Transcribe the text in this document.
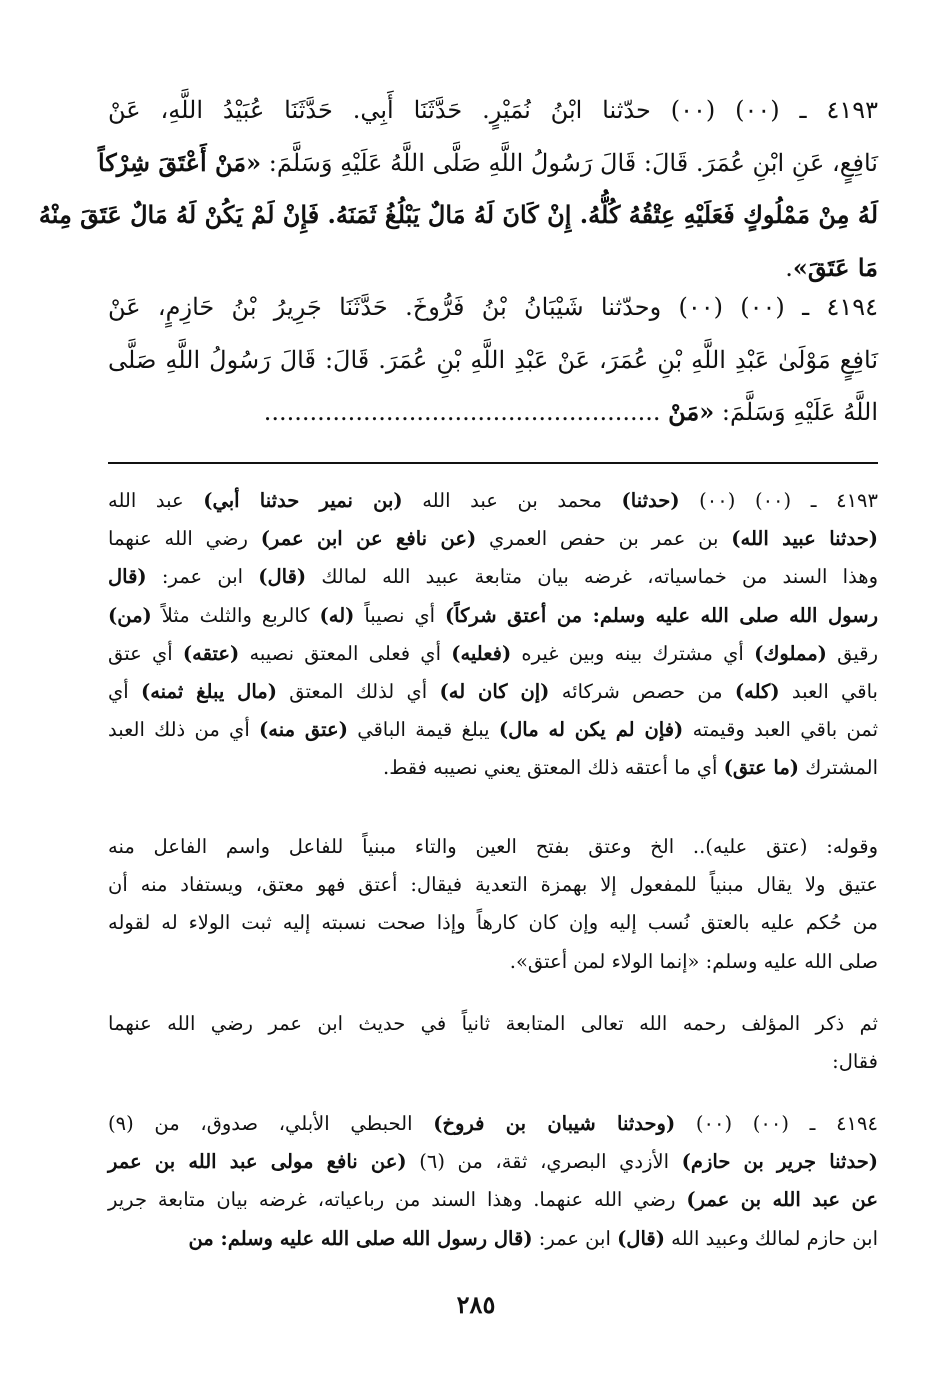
٤١٩٣ ـ (٠٠) (٠٠) حدّثنا ابْنُ نُمَيْرٍ. حَدَّثَنَا أَبِي. حَدَّثَنَا عُبَيْدُ اللَّهِ، عَنْ
نَافِعٍ، عَنِ ابْنِ عُمَرَ. قَالَ: قَالَ رَسُولُ اللَّهِ صَلَّى اللَّهُ عَلَيْهِ وَسَلَّمَ: «مَنْ أَعْتَقَ شِرْكاً
لَهُ مِنْ مَمْلُوكٍ فَعَلَيْهِ عِتْقُهُ كُلُّهُ. إِنْ كَانَ لَهُ مَالٌ يَبْلُغُ ثَمَنَهُ. فَإِنْ لَمْ يَكُنْ لَهُ مَالٌ عَتَقَ مِنْهُ
مَا عَتَقَ».
٤١٩٤ ـ (٠٠) (٠٠) وحدّثنا شَيْبَانُ بْنُ فَرُّوخَ. حَدَّثَنَا جَرِيرُ بْنُ حَازِمٍ، عَنْ
نَافِعٍ مَوْلَىٰ عَبْدِ اللَّهِ بْنِ عُمَرَ، عَنْ عَبْدِ اللَّهِ بْنِ عُمَرَ. قَالَ: قَالَ رَسُولُ اللَّهِ صَلَّى
اللَّهُ عَلَيْهِ وَسَلَّمَ: «مَنْ ....................................................
٤١٩٣ ـ (٠٠) (٠٠) (حدثنا) محمد بن عبد الله (بن نمير حدثنا أبي) عبد الله
(حدثنا عبيد الله) بن عمر بن حفص العمري (عن نافع عن ابن عمر) رضي الله عنهما
وهذا السند من خماسياته، غرضه بيان متابعة عبيد الله لمالك (قال) ابن عمر: (قال
رسول الله صلى الله عليه وسلم: من أعتق شركاً) أي نصيباً (له) كالربع والثلث مثلاً (من)
رقيق (مملوك) أي مشترك بينه وبين غيره (فعليه) أي فعلى المعتق نصيبه (عتقه) أي عتق
باقي العبد (كله) من حصص شركائه (إن كان له) أي لذلك المعتق (مال يبلغ ثمنه) أي
ثمن باقي العبد وقيمته (فإن لم يكن له مال) يبلغ قيمة الباقي (عتق منه) أي من ذلك العبد
المشترك (ما عتق) أي ما أعتقه ذلك المعتق يعني نصيبه فقط.
وقوله: (عتق عليه).. الخ وعتق بفتح العين والتاء مبنياً للفاعل واسم الفاعل منه
عتيق ولا يقال مبنياً للمفعول إلا بهمزة التعدية فيقال: أعتق فهو معتق، ويستفاد منه أن
من حُكم عليه بالعتق نُسب إليه وإن كان كارهاً وإذا صحت نسبته إليه ثبت الولاء له لقوله
صلى الله عليه وسلم: «إنما الولاء لمن أعتق».
ثم ذكر المؤلف رحمه الله تعالى المتابعة ثانياً في حديث ابن عمر رضي الله عنهما
فقال:
٤١٩٤ ـ (٠٠) (٠٠) (وحدثنا شيبان بن فروخ) الحبطي الأبلي، صدوق، من (٩)
(حدثنا جرير بن حازم) الأزدي البصري، ثقة، من (٦) (عن نافع مولى عبد الله بن عمر
عن عبد الله بن عمر) رضي الله عنهما. وهذا السند من رباعياته، غرضه بيان متابعة جرير
ابن حازم لمالك وعبيد الله (قال) ابن عمر: (قال رسول الله صلى الله عليه وسلم: من
٢٨٥
